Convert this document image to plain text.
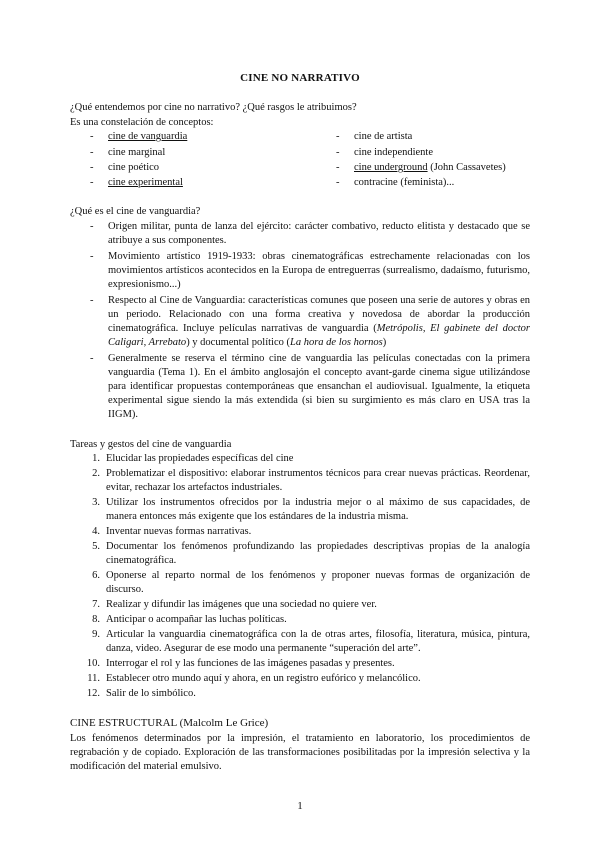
CINE NO NARRATIVO
¿Qué entendemos por cine no narrativo? ¿Qué rasgos le atribuimos?
Es una constelación de conceptos:
- cine de vanguardia
- cine marginal
- cine poético
- cine experimental
- cine de artista
- cine independiente
- cine underground (John Cassavetes)
- contracine (feminista)...
¿Qué es el cine de vanguardia?

- Origen militar, punta de lanza del ejército: carácter combativo, reducto elitista y destacado que se atribuye a sus componentes.

- Movimiento artístico 1919-1933: obras cinematográficas estrechamente relacionadas con los movimientos artísticos acontecidos en la Europa de entreguerras (surrealismo, dadaísmo, futurismo, expresionismo...)

- Respecto al Cine de Vanguardia: características comunes que poseen una serie de autores y obras en un periodo. Relacionado con una forma creativa y novedosa de abordar la producción cinematográfica. Incluye películas narrativas de vanguardia (Metrópolis, El gabinete del doctor Caligari, Arrebato) y documental político (La hora de los hornos)

- Generalmente se reserva el término cine de vanguardia las películas conectadas con la primera vanguardia (Tema 1). En el ámbito anglosajón el concepto avant-garde cinema sigue utilizándose para identificar propuestas contemporáneas que ensanchan el audiovisual. Igualmente, la etiqueta experimental sigue siendo la más extendida (si bien su surgimiento es más claro en USA tras la IIGM).

Tareas y gestos del cine de vanguardia

1. Elucidar las propiedades específicas del cine

2. Problematizar el dispositivo: elaborar instrumentos técnicos para crear nuevas prácticas. Reordenar, evitar, rechazar los artefactos industriales.

3. Utilizar los instrumentos ofrecidos por la industria mejor o al máximo de sus capacidades, de manera entonces más exigente que los estándares de la industria misma.

4. Inventar nuevas formas narrativas.

5. Documentar los fenómenos profundizando las propiedades descriptivas propias de la analogía cinematográfica.

6. Oponerse al reparto normal de los fenómenos y proponer nuevas formas de organización de discurso.

7. Realizar y difundir las imágenes que una sociedad no quiere ver.

8. Anticipar o acompañar las luchas políticas.

9. Articular la vanguardia cinematográfica con la de otras artes, filosofía, literatura, música, pintura, danza, video. Asegurar de ese modo una permanente “superación del arte”.

10. Interrogar el rol y las funciones de las imágenes pasadas y presentes.

11. Establecer otro mundo aquí y ahora, en un registro eufórico y melancólico.

12. Salir de lo simbólico.

CINE ESTRUCTURAL (Malcolm Le Grice)
Los fenómenos determinados por la impresión, el tratamiento en laboratorio, los procedimientos de regrabación y de copiado. Exploración de las transformaciones posibilitadas por la impresión selectiva y la modificación del material emulsivo.
1
